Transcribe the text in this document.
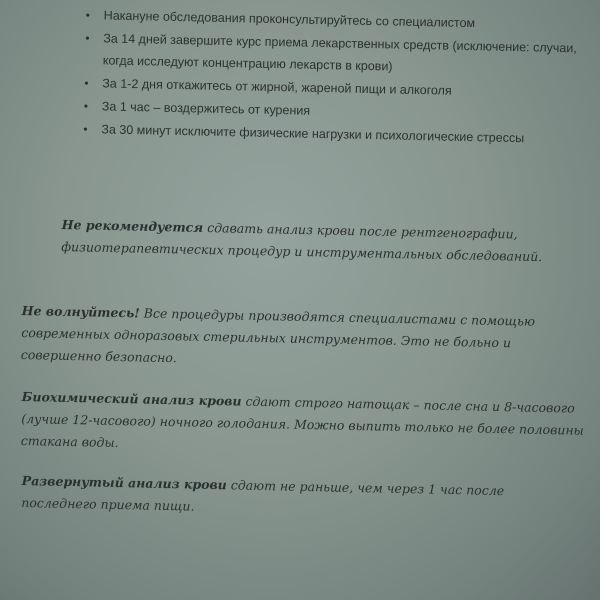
• Накануне обследования проконсультируйтесь со специалистом
• За 14 дней завершите курс приема лекарственных средств (исключение: случаи, когда исследуют концентрацию лекарств в крови)
• За 1-2 дня откажитесь от жирной, жареной пищи и алкоголя
• За 1 час – воздержитесь от курения
• За 30 минут исключите физические нагрузки и психологические стрессы

Не рекомендуется сдавать анализ крови после рентгенографии, физиотерапевтических процедур и инструментальных обследований.

Не волнуйтесь! Все процедуры производятся специалистами с помощью современных одноразовых стерильных инструментов. Это не больно и совершенно безопасно.

Биохимический анализ крови сдают строго натощак – после сна и 8-часового (лучше 12-часового) ночного голодания. Можно выпить только не более половины стакана воды.

Развернутый анализ крови сдают не раньше, чем через 1 час после последнего приема пищи.
